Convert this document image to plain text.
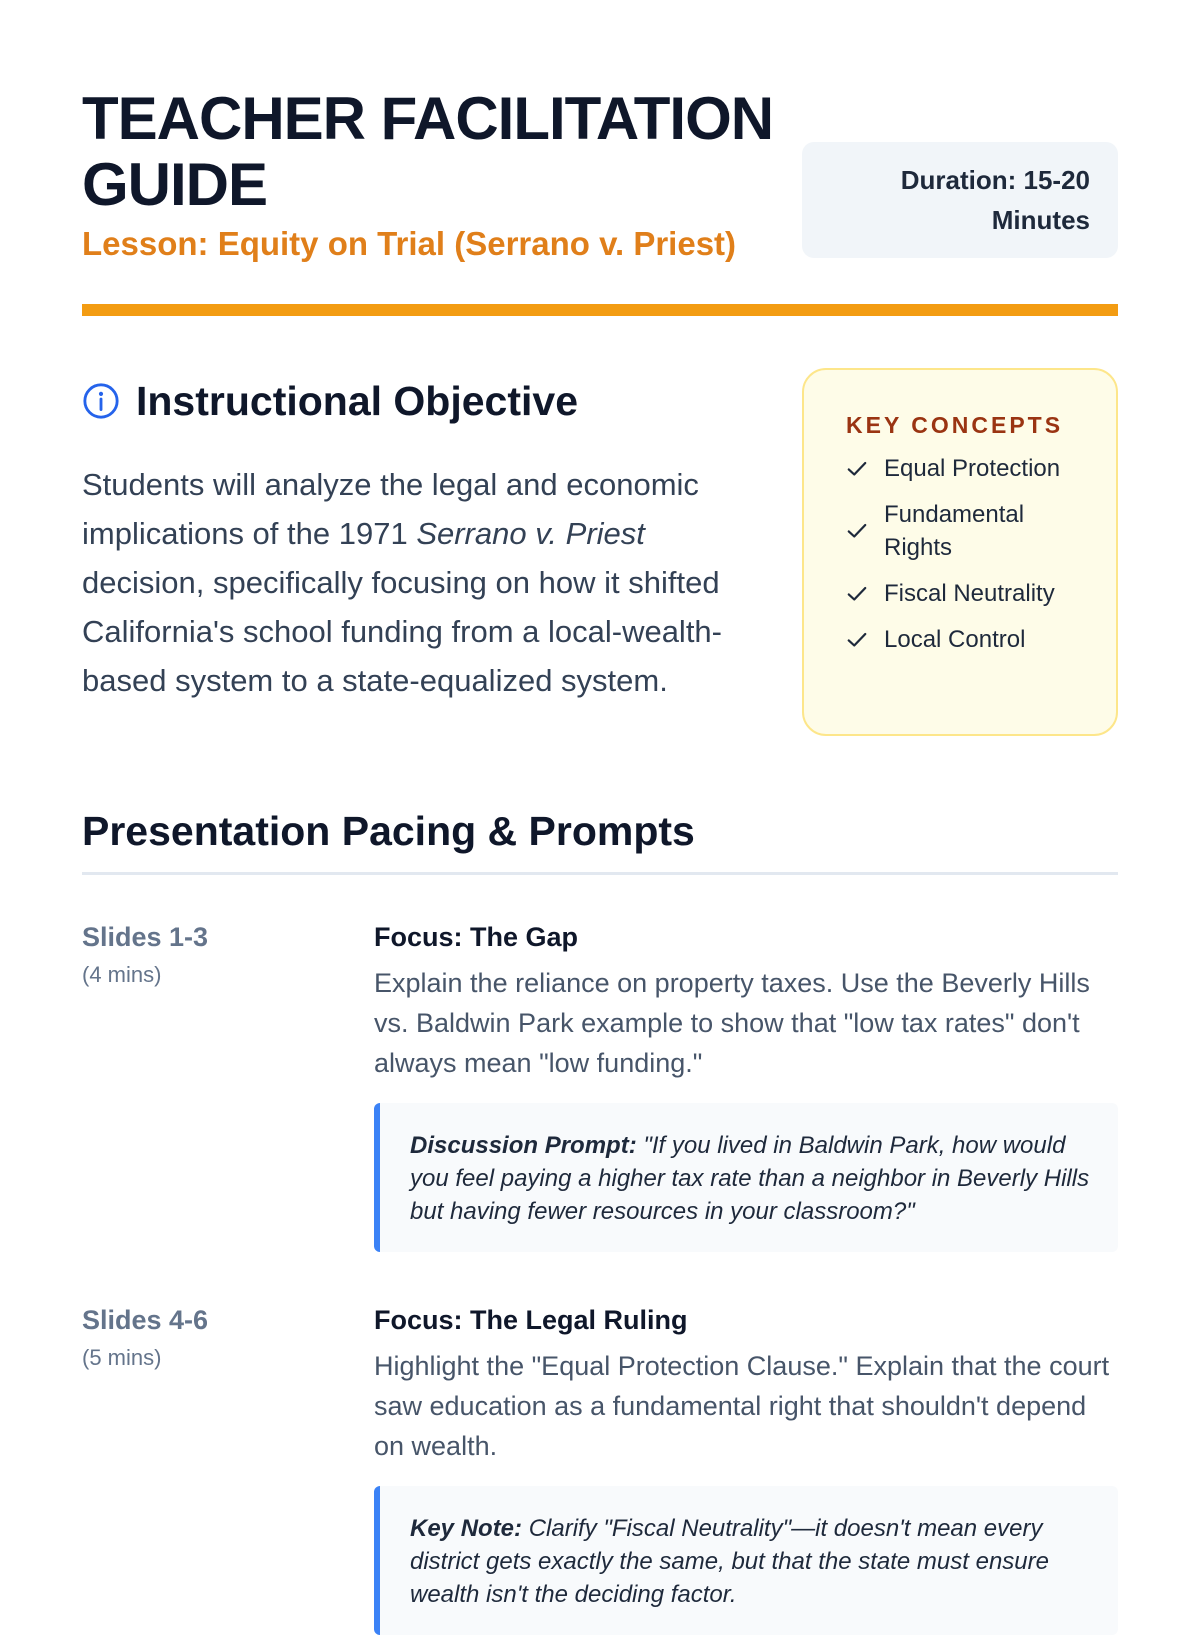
TEACHER FACILITATION GUIDE
Lesson: Equity on Trial (Serrano v. Priest)
Duration: 15-20 Minutes
Instructional Objective

Students will analyze the legal and economic implications of the 1971 Serrano v. Priest decision, specifically focusing on how it shifted California's school funding from a local-wealth-based system to a state-equalized system.

KEY CONCEPTS
Equal Protection
Fundamental Rights
Fiscal Neutrality
Local Control
Presentation Pacing & Prompts
Slides 1-3
(4 mins)
Focus: The Gap
Explain the reliance on property taxes. Use the Beverly Hills vs. Baldwin Park example to show that "low tax rates" don't always mean "low funding."
Discussion Prompt: "If you lived in Baldwin Park, how would you feel paying a higher tax rate than a neighbor in Beverly Hills but having fewer resources in your classroom?"
Slides 4-6
(5 mins)
Focus: The Legal Ruling
Highlight the "Equal Protection Clause." Explain that the court saw education as a fundamental right that shouldn't depend on wealth.
Key Note: Clarify "Fiscal Neutrality"—it doesn't mean every district gets exactly the same, but that the state must ensure wealth isn't the deciding factor.
